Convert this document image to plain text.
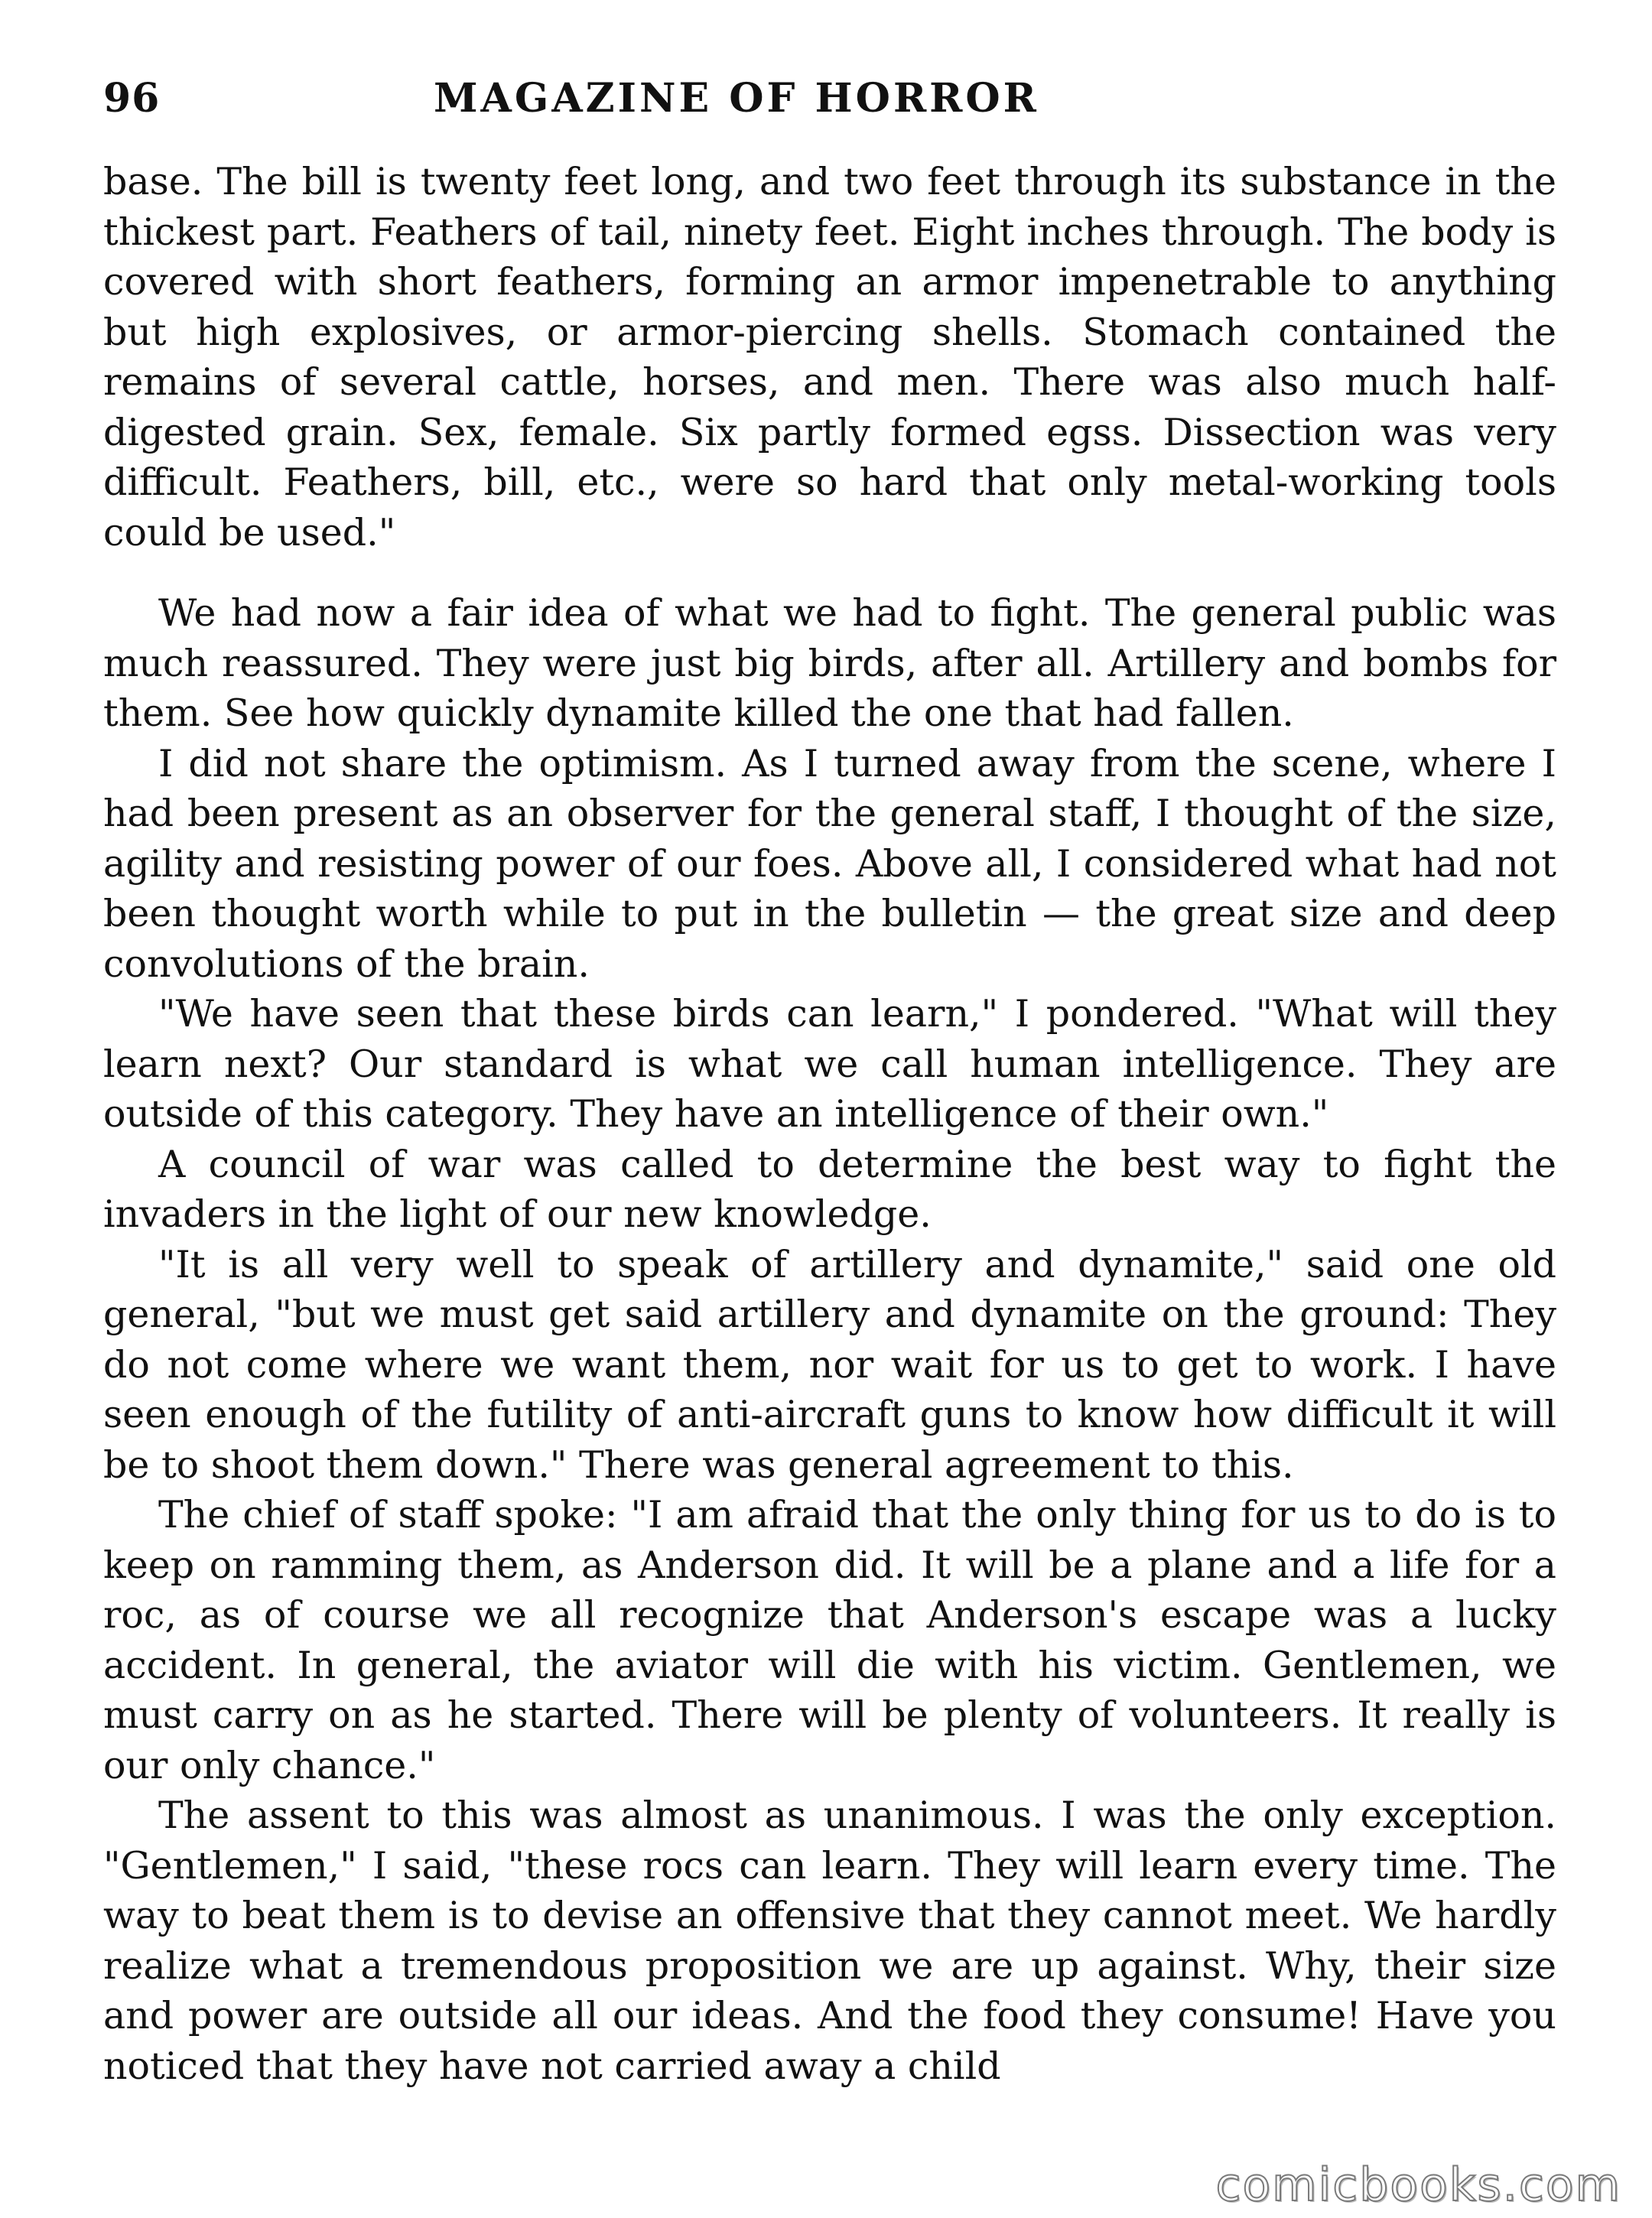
96	MAGAZINE OF HORROR

base. The bill is twenty feet long, and two feet through its substance in the thickest part. Feathers of tail, ninety feet. Eight inches through. The body is covered with short feathers, forming an armor impenetrable to anything but high explosives, or armor-piercing shells. Stomach contained the remains of several cattle, horses, and men. There was also much half-digested grain. Sex, female. Six partly formed egss. Dissection was very difficult. Feathers, bill, etc., were so hard that only metal-working tools could be used."

We had now a fair idea of what we had to fight. The general public was much reassured. They were just big birds, after all. Artillery and bombs for them. See how quickly dynamite killed the one that had fallen.

I did not share the optimism. As I turned away from the scene, where I had been present as an observer for the general staff, I thought of the size, agility and resisting power of our foes. Above all, I considered what had not been thought worth while to put in the bulletin — the great size and deep convolutions of the brain.

"We have seen that these birds can learn," I pondered. "What will they learn next? Our standard is what we call human intelligence. They are outside of this category. They have an intelligence of their own."

A council of war was called to determine the best way to fight the invaders in the light of our new knowledge.

"It is all very well to speak of artillery and dynamite," said one old general, "but we must get said artillery and dynamite on the ground: They do not come where we want them, nor wait for us to get to work. I have seen enough of the futility of anti-aircraft guns to know how difficult it will be to shoot them down." There was general agreement to this.

The chief of staff spoke: "I am afraid that the only thing for us to do is to keep on ramming them, as Anderson did. It will be a plane and a life for a roc, as of course we all recognize that Anderson's escape was a lucky accident. In general, the aviator will die with his victim. Gentlemen, we must carry on as he started. There will be plenty of volunteers. It really is our only chance."

The assent to this was almost as unanimous. I was the only exception. "Gentlemen," I said, "these rocs can learn. They will learn every time. The way to beat them is to devise an offensive that they cannot meet. We hardly realize what a tremendous proposition we are up against. Why, their size and power are outside all our ideas. And the food they consume! Have you noticed that they have not carried away a child

comicbooks.com
